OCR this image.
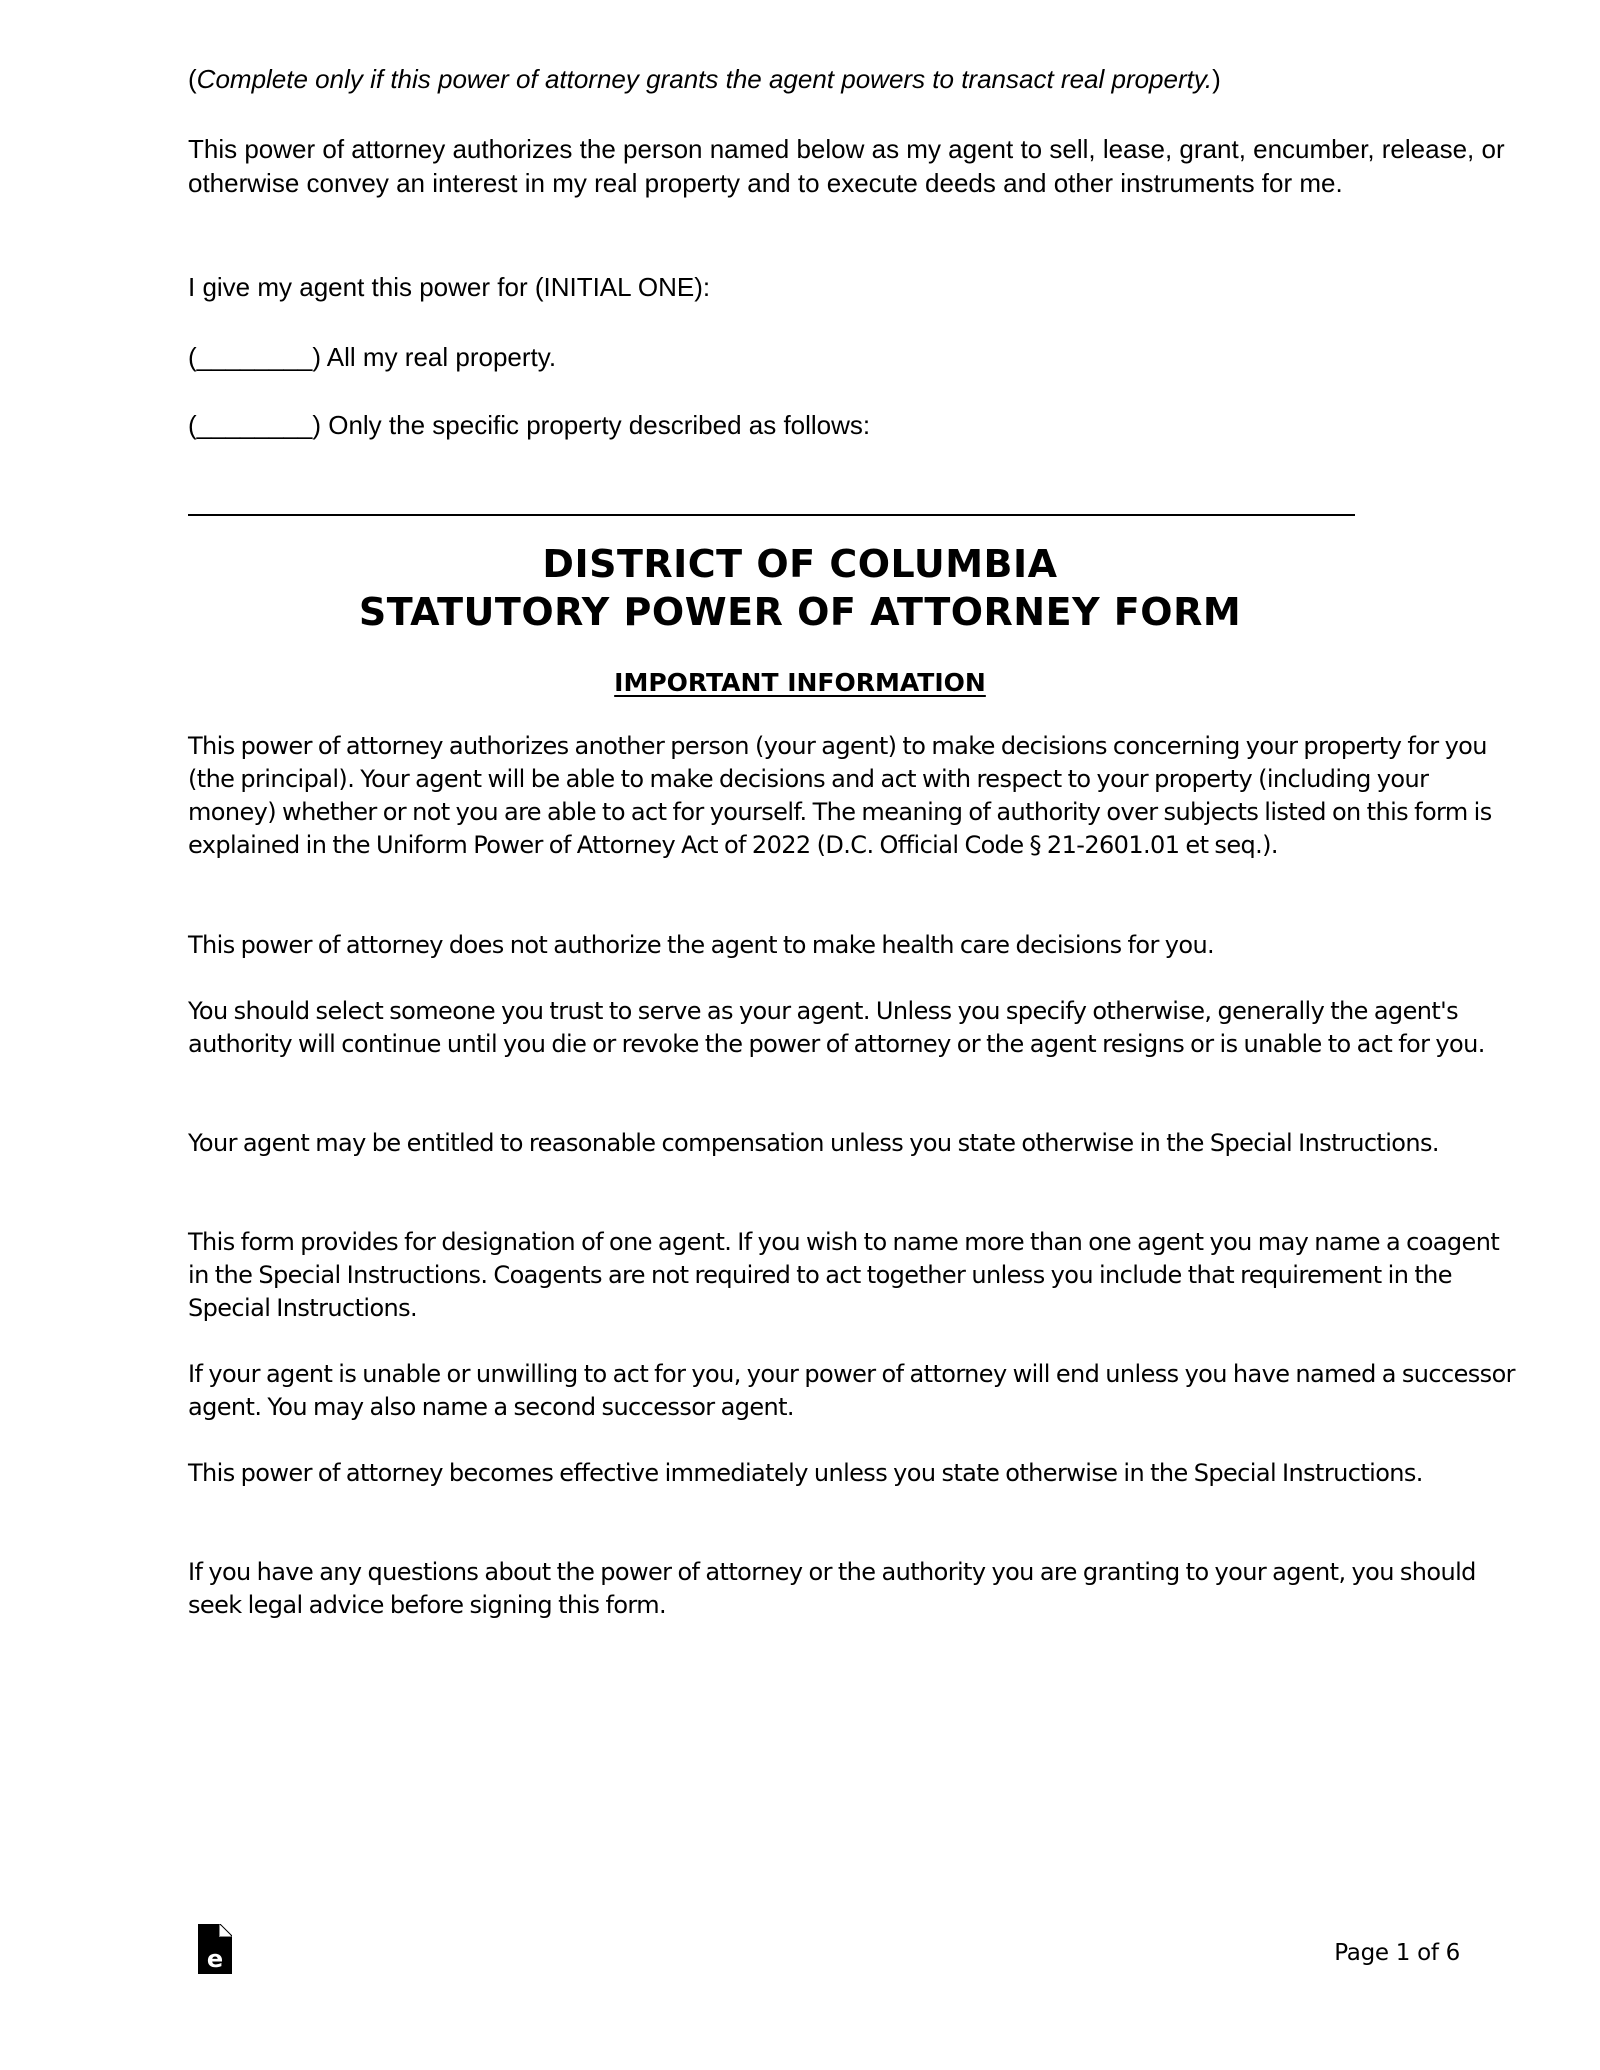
(Complete only if this power of attorney grants the agent powers to transact real property.)

This power of attorney authorizes the person named below as my agent to sell, lease, grant, encumber, release, or otherwise convey an interest in my real property and to execute deeds and other instruments for me.

I give my agent this power for (INITIAL ONE):

(________) All my real property.

(________) Only the specific property described as follows:

DISTRICT OF COLUMBIA
STATUTORY POWER OF ATTORNEY FORM
IMPORTANT INFORMATION

This power of attorney authorizes another person (your agent) to make decisions concerning your property for you (the principal). Your agent will be able to make decisions and act with respect to your property (including your money) whether or not you are able to act for yourself. The meaning of authority over subjects listed on this form is explained in the Uniform Power of Attorney Act of 2022 (D.C. Official Code § 21-2601.01 et seq.).

This power of attorney does not authorize the agent to make health care decisions for you.

You should select someone you trust to serve as your agent. Unless you specify otherwise, generally the agent's authority will continue until you die or revoke the power of attorney or the agent resigns or is unable to act for you.

Your agent may be entitled to reasonable compensation unless you state otherwise in the Special Instructions.

This form provides for designation of one agent. If you wish to name more than one agent you may name a coagent in the Special Instructions. Coagents are not required to act together unless you include that requirement in the Special Instructions.

If your agent is unable or unwilling to act for you, your power of attorney will end unless you have named a successor agent. You may also name a second successor agent.

This power of attorney becomes effective immediately unless you state otherwise in the Special Instructions.

If you have any questions about the power of attorney or the authority you are granting to your agent, you should seek legal advice before signing this form.

e	Page 1 of 6
